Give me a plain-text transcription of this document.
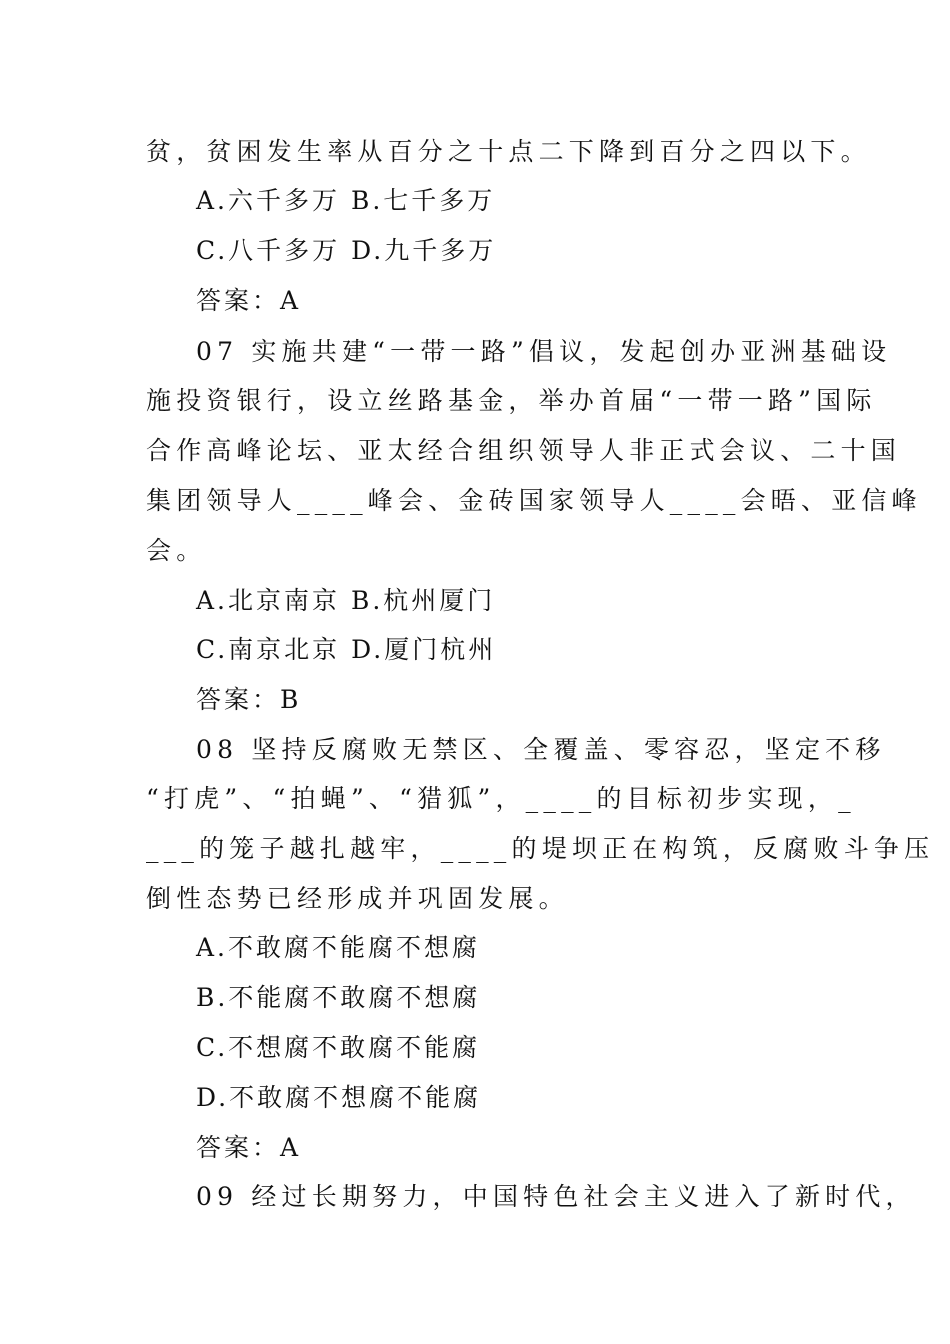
贫，贫困发生率从百分之十点二下降到百分之四以下。
A.六千多万 B.七千多万
C.八千多万 D.九千多万
答案：A
07 实施共建“一带一路”倡议，发起创办亚洲基础设
施投资银行，设立丝路基金，举办首届“一带一路”国际
合作高峰论坛、亚太经合组织领导人非正式会议、二十国
集团领导人____峰会、金砖国家领导人____会晤、亚信峰
会。
A.北京南京 B.杭州厦门
C.南京北京 D.厦门杭州
答案：B
08 坚持反腐败无禁区、全覆盖、零容忍，坚定不移
“打虎”、“拍蝇”、“猎狐”，____的目标初步实现，_
___的笼子越扎越牢，____的堤坝正在构筑，反腐败斗争压
倒性态势已经形成并巩固发展。
A.不敢腐不能腐不想腐
B.不能腐不敢腐不想腐
C.不想腐不敢腐不能腐
D.不敢腐不想腐不能腐
答案：A
09 经过长期努力，中国特色社会主义进入了新时代，
